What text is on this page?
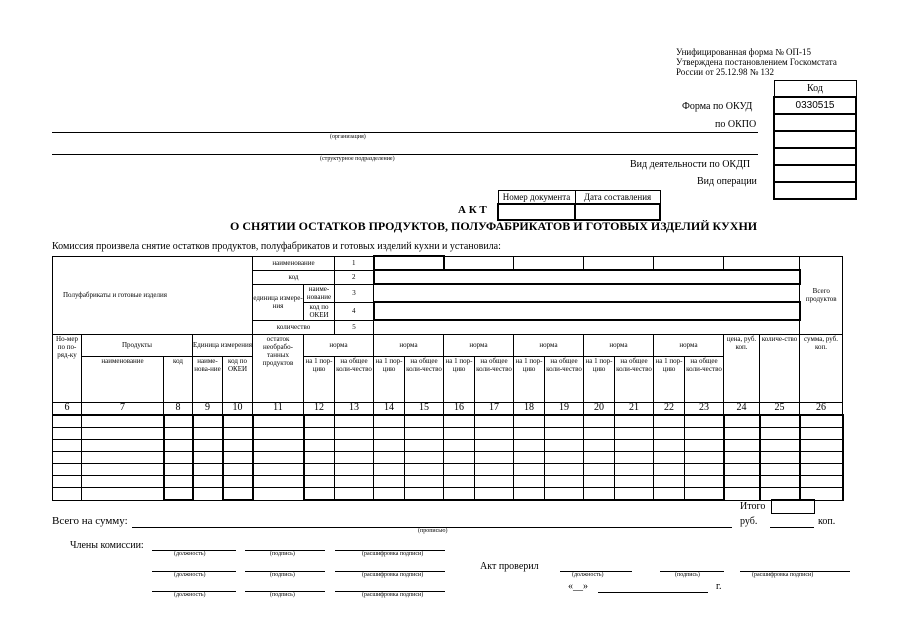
Унифицированная форма № ОП-15
Утверждена постановлением Госкомстата
России от 25.12.98 № 132
Код
0330515

Форма по ОКУД
по ОКПО
Вид деятельности по ОКДП
Вид операции
(организация)
(структурное подразделение)
Номер документа	Дата составления

А К Т
О СНЯТИИ ОСТАТКОВ ПРОДУКТОВ, ПОЛУФАБРИКАТОВ И ГОТОВЫХ ИЗДЕЛИЙ КУХНИ
Комиссия произвела снятие остатков продуктов, полуфабрикатов и готовых изделий кухни и установила:
Полуфабрикаты и готовые изделия					наименование		1													Всего продуктов
					код		2													
					единица измере-ния	наиме-нование	3													
						код по ОКЕИ	4													
					количество		5													
Но-мер по по-ряд-ку	Продукты		Единица измерения		остаток необрабо-танных продуктов	норма		норма		норма		норма		норма		норма		цена, руб. коп.	количе-ство	сумма, руб. коп.
	наименование	код	наиме-нова-ние	код по ОКЕИ		на 1 пор-цию	на общее коли-чество	на 1 пор-цию	на общее коли-чество	на 1 пор-цию	на общее коли-чество	на 1 пор-цию	на общее коли-чество	на 1 пор-цию	на общее коли-чество	на 1 пор-цию	на общее коли-чество			
6	7	8	9	10	11	12	13	14	15	16	17	18	19	20	21	22	23	24	25	26

Итого
Всего на сумму:
(прописью)
руб.	коп.
Члены комиссии:
(должность)	(подпись)	(расшифровка подписи)
(должность)	(подпись)	(расшифровка подписи)
(должность)	(подпись)	(расшифровка подписи)
Акт проверил
(должность)	(подпись)	(расшифровка подписи)
«__»	г.
